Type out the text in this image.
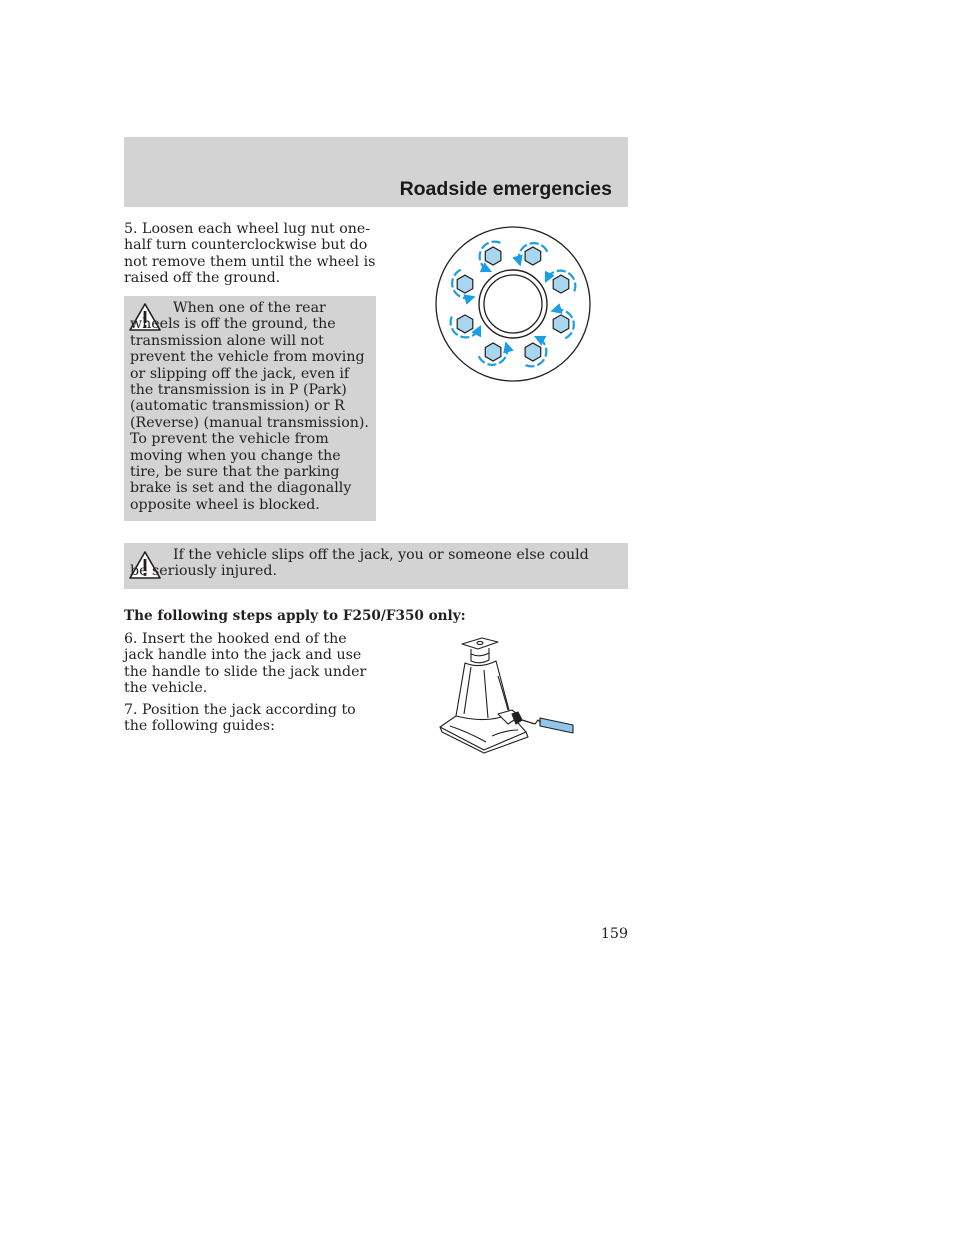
Roadside emergencies

5. Loosen each wheel lug nut one-half turn counterclockwise but do not remove them until the wheel is raised off the ground.

When one of the rear wheels is off the ground, the transmission alone will not prevent the vehicle from moving or slipping off the jack, even if the transmission is in P (Park) (automatic transmission) or R (Reverse) (manual transmission). To prevent the vehicle from moving when you change the tire, be sure that the parking brake is set and the diagonally opposite wheel is blocked.

If the vehicle slips off the jack, you or someone else could be seriously injured.

The following steps apply to F250/F350 only:

6. Insert the hooked end of the jack handle into the jack and use the handle to slide the jack under the vehicle.

7. Position the jack according to the following guides:

159
